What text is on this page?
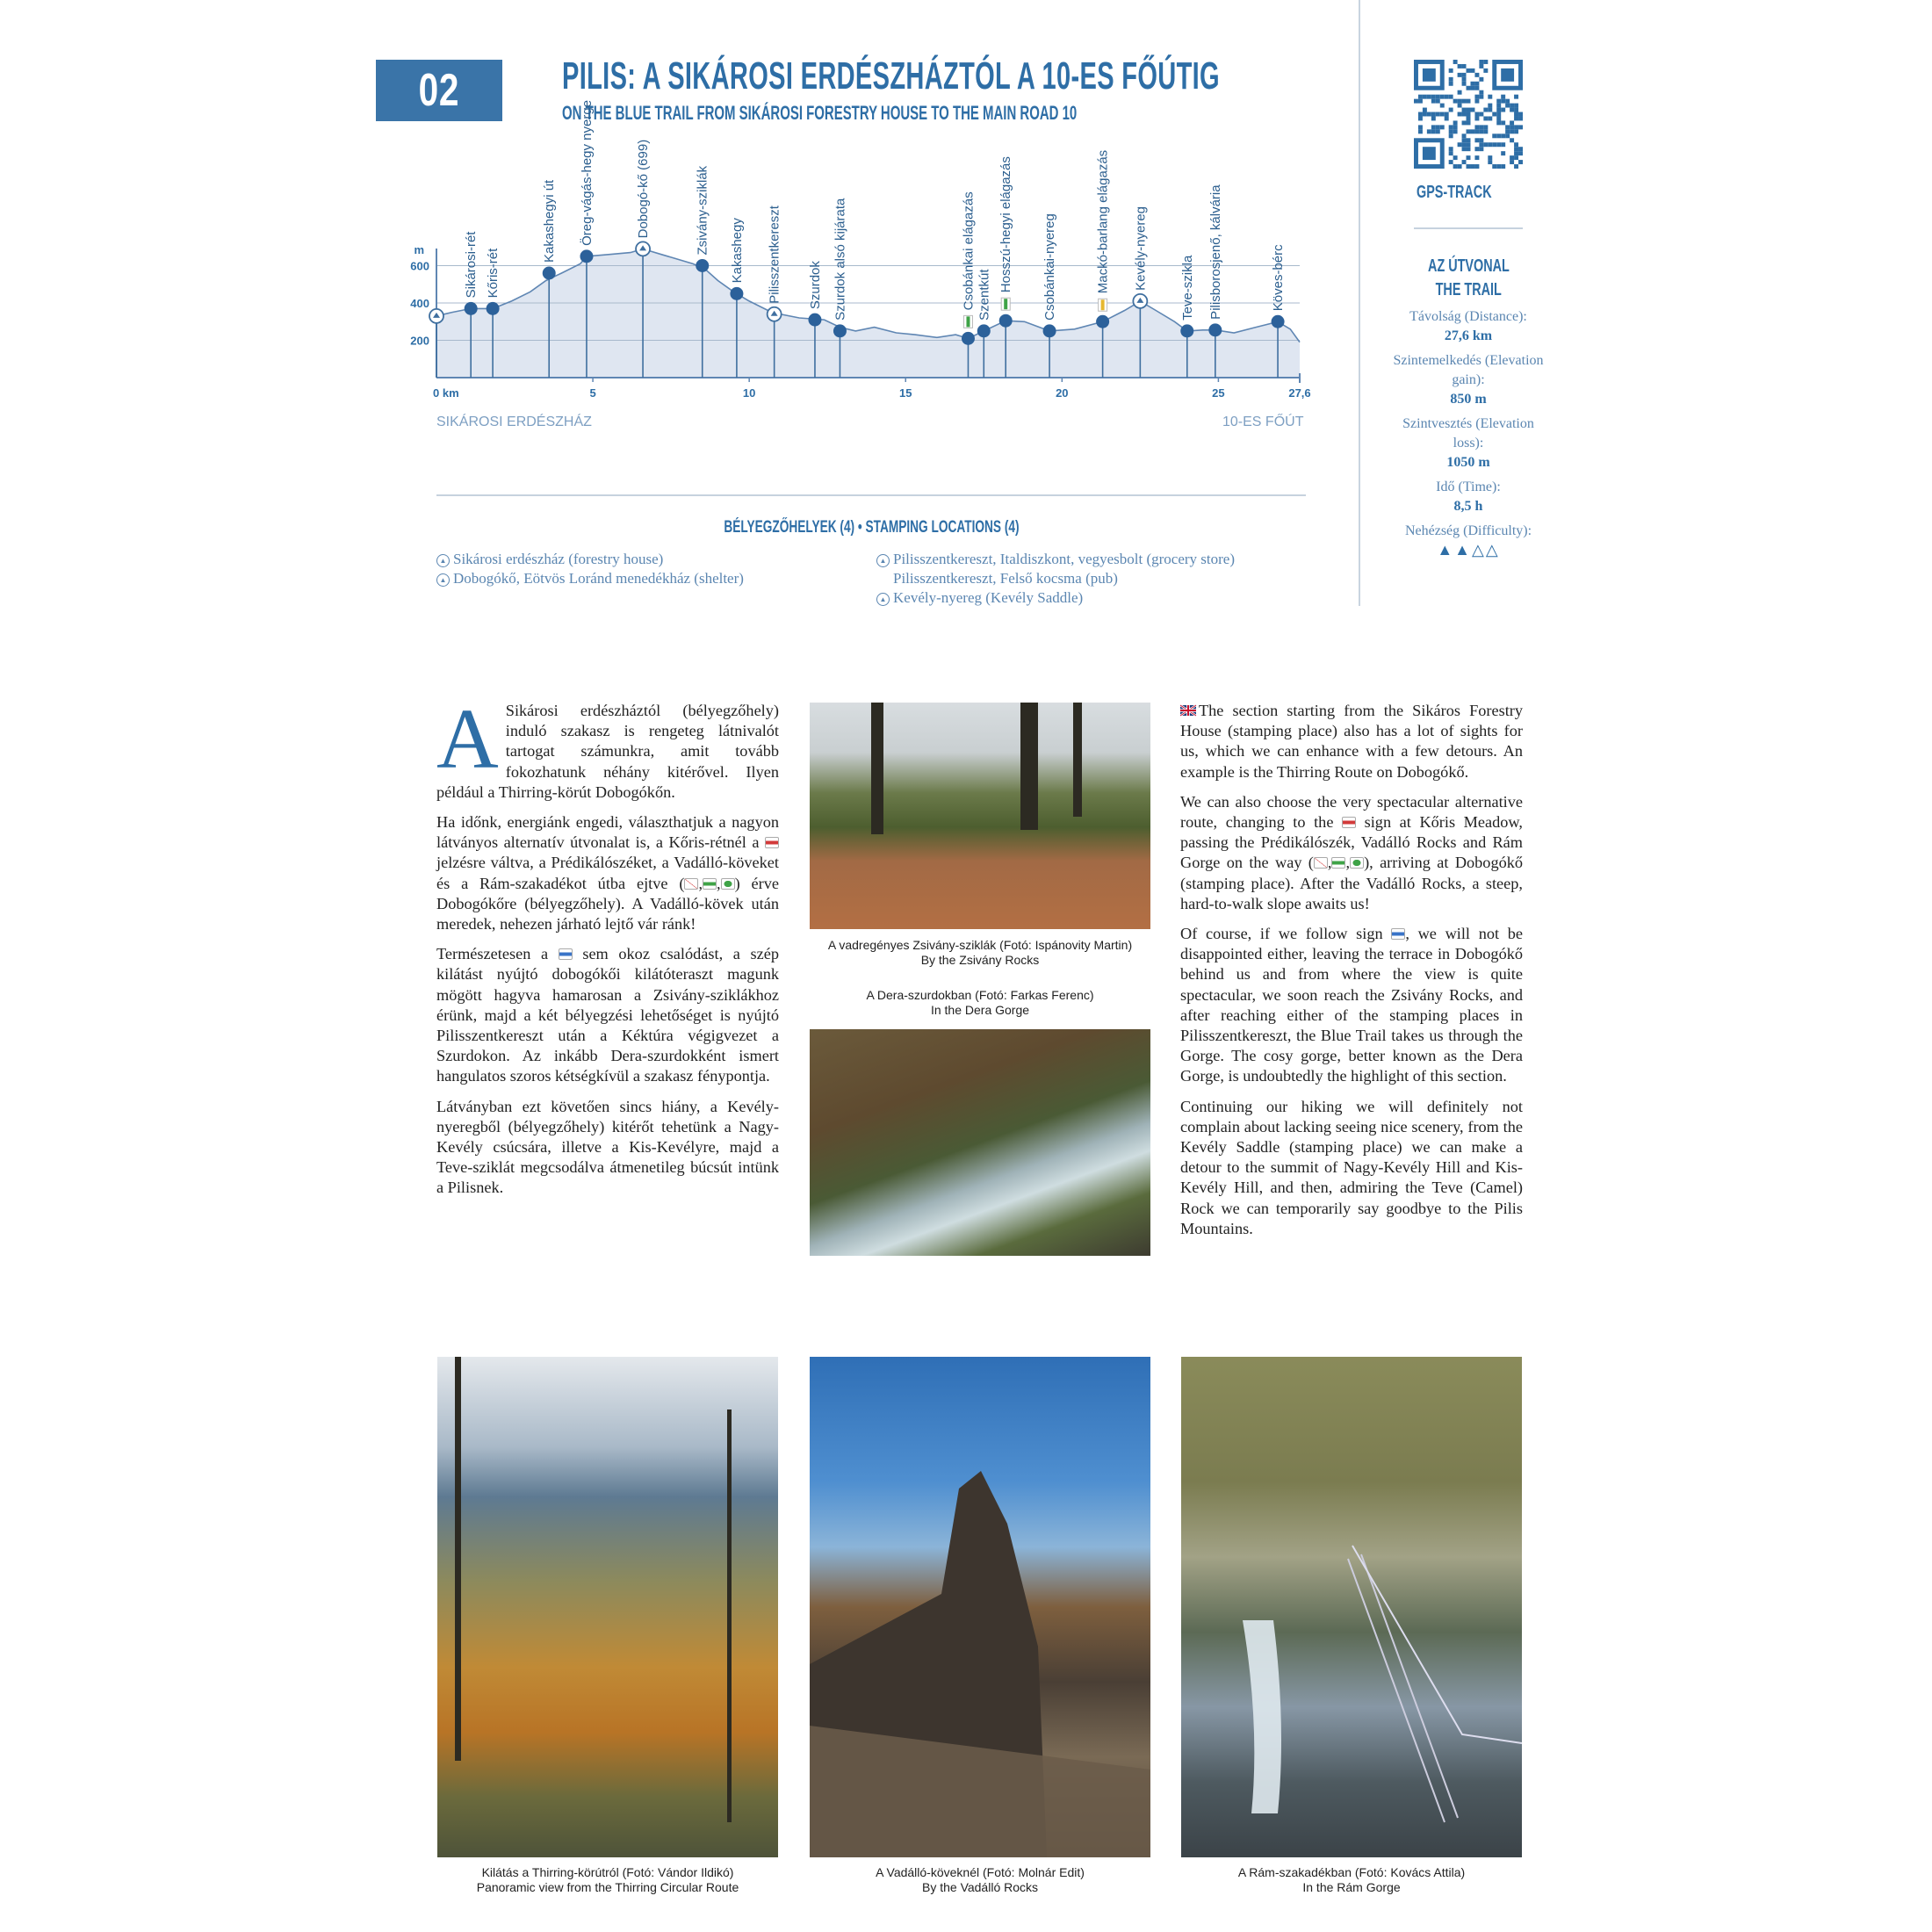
02	PILIS: A SIKÁROSI ERDÉSZHÁZTÓL A 10-ES FŐÚTIG
ON THE BLUE TRAIL FROM SIKÁROSI FORESTRY HOUSE TO THE MAIN ROAD 10
GPS-TRACK
AZ ÚTVONAL
THE TRAIL
Távolság (Distance):
27,6 km
Szintemelkedés (Elevation gain):
850 m
Szintvesztés (Elevation loss):
1050 m
Idő (Time):
8,5 h
Nehézség (Difficulty):
▲▲△△
200
400
600
m
0 km	5	10	15	20	25	27,6
Sikárosi-rét Kőris-rét
Kakashegyi út Öreg-vágás-hegy nyerge	Dobogó-kő (699)	Zsivány-sziklák Kakashegy Pilisszentkereszt Szurdok Szurdok alsó kijárata	Csobánkai elágazás Szentkút
Hosszú-hegyi elágazás Csobánkai-nyereg	Mackó-barlang elágazás Kevély-nyereg Teve-szikla Pilisborosjenő, kálvária	Köves-bérc
SIKÁROSI ERDÉSZHÁZ	10-ES FŐÚT
BÉLYEGZŐHELYEK (4) • STAMPING LOCATIONS (4)
▲ Sikárosi erdészház (forestry house)
▲ Dobogókő, Eötvös Loránd menedékház (shelter)
▲ Pilisszentkereszt, Italdiszkont, vegyesbolt (grocery store)
Pilisszentkereszt, Felső kocsma (pub)
▲ Kevély-nyereg (Kevély Saddle)

A Sikárosi erdészháztól (bélyegzőhely) induló szakasz is rengeteg látnivalót tartogat számunkra, amit tovább fokozhatunk néhány kitérővel. Ilyen például a Thirring-körút Dobogókőn.

Ha időnk, energiánk engedi, választhatjuk a nagyon látványos alternatív útvonalat is, a Kőris-rétnél a  jelzésre váltva, a Prédikálószéket, a Vadálló-köveket és a Rám-szakadékot útba ejtve ( , , ) érve Dobogókőre (bélyegzőhely). A Vadálló-kövek után meredek, nehezen járható lejtő vár ránk!

Természetesen a  sem okoz csalódást, a szép kilátást nyújtó dobogókői kilátóteraszt magunk mögött hagyva hamarosan a Zsivány-sziklákhoz érünk, majd a két bélyegzési lehetőséget is nyújtó Pilisszentkereszt után a Kéktúra végigvezet a Szurdokon. Az inkább Dera-szurdokként ismert hangulatos szoros kétségkívül a szakasz fénypontja.

Látványban ezt követően sincs hiány, a Kevély-nyeregből (bélyegzőhely) kitérőt tehetünk a Nagy-Kevély csúcsára, illetve a Kis-Kevélyre, majd a Teve-sziklát megcsodálva átmenetileg búcsút intünk a Pilisnek.

The section starting from the Sikáros Forestry House (stamping place) also has a lot of sights for us, which we can enhance with a few detours. An example is the Thirring Route on Dobogókő.

We can also choose the very spectacular alternative route, changing to the  sign at Kőris Meadow, passing the Prédikálószék, Vadálló Rocks and Rám Gorge on the way ( , , ), arriving at Dobogókő (stamping place). After the Vadálló Rocks, a steep, hard-to-walk slope awaits us!

Of course, if we follow sign , we will not be disappointed either, leaving the terrace in Dobogókő behind us and from where the view is quite spectacular, we soon reach the Zsivány Rocks, and after reaching either of the stamping places in Pilisszentkereszt, the Blue Trail takes us through the Gorge. The cosy gorge, better known as the Dera Gorge, is undoubtedly the highlight of this section.

Continuing our hiking we will definitely not complain about lacking seeing nice scenery, from the Kevély Saddle (stamping place) we can make a detour to the summit of Nagy-Kevély Hill and Kis-Kevély Hill, and then, admiring the Teve (Camel) Rock we can temporarily say goodbye to the Pilis Mountains.

A vadregényes Zsivány-sziklák (Fotó: Ispánovity Martin)
By the Zsivány Rocks
A Dera-szurdokban (Fotó: Farkas Ferenc)
In the Dera Gorge
Kilátás a Thirring-körútról (Fotó: Vándor Ildikó)
Panoramic view from the Thirring Circular Route
A Vadálló-köveknél (Fotó: Molnár Edit)
By the Vadálló Rocks
A Rám-szakadékban (Fotó: Kovács Attila)
In the Rám Gorge
